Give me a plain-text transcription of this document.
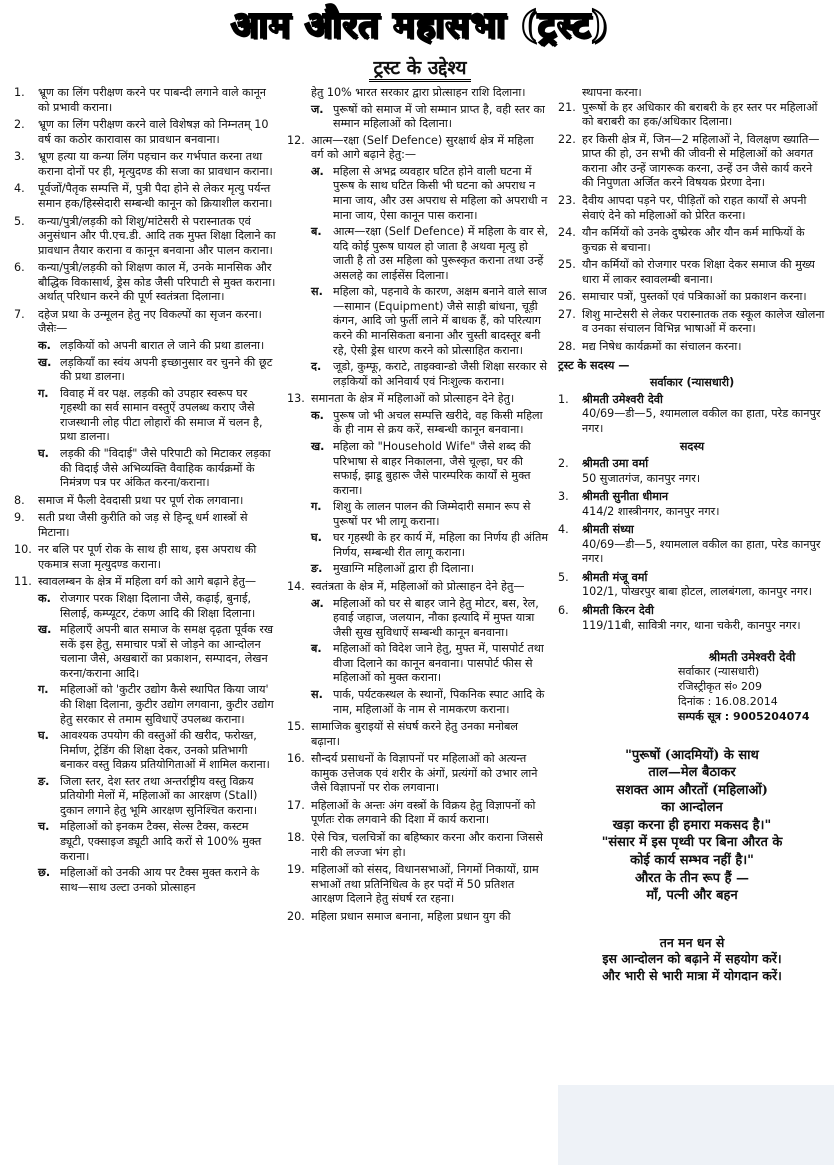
आम औरत महासभा (ट्रस्ट)
ट्रस्ट के उद्देश्य
1.	भ्रूण का लिंग परीक्षण करने पर पाबन्दी लगाने वाले कानून को प्रभावी कराना।
2.	भ्रूण का लिंग परीक्षण करने वाले विशेषज्ञ को निम्नतम् 10 वर्ष का कठोर कारावास का प्रावधान बनवाना।
3.	भ्रूण हत्या या कन्या लिंग पहचान कर गर्भपात करना तथा कराना दोनों पर ही, मृत्युदण्ड की सजा का प्रावधान कराना।
4.	पूर्वजों/पैतृक सम्पत्ति में, पुत्री पैदा होने से लेकर मृत्यु पर्यन्त समान हक/हिस्सेदारी सम्बन्धी कानून को क्रियाशील कराना।
5.	कन्या/पुत्री/लड़की को शिशु/मांटेसरी से परास्नातक एवं अनुसंधान और पी.एच.डी. आदि तक मुफ्त शिक्षा दिलाने का प्रावधान तैयार कराना व कानून बनवाना और पालन कराना।
6.	कन्या/पुत्री/लड़की को शिक्षण काल में, उनके मानसिक और बौद्धिक विकासार्थ, ड्रेस कोड जैसी परिपाटी से मुक्त कराना। अर्थात् परिधान करने की पूर्ण स्वतंत्रता दिलाना।
7.	दहेज प्रथा के उन्मूलन हेतु नए विकल्पों का सृजन करना। जैसेः—
क. लड़कियों को अपनी बारात ले जाने की प्रथा डालना।
ख. लड़कियाँ का स्वंय अपनी इच्छानुसार वर चुनने की छूट की प्रथा डालना।
ग. विवाह में वर पक्ष. लड़की को उपहार स्वरूप घर गृहस्थी का सर्व सामान वस्तुऐं उपलब्ध कराए जैसे राजस्थानी लोह पीटा लोहारों की समाज में चलन है, प्रथा डालना।
घ. लड़की की "विदाई" जैसे परिपाटी को मिटाकर लड़का की विदाई जैसे अभिव्यक्ति वैवाहिक कार्यक्रमों के निमंत्रण पत्र पर अंकित करना/कराना।
8.	समाज में फैली देवदासी प्रथा पर पूर्ण रोक लगवाना।
9.	सती प्रथा जैसी कुरीति को जड़ से हिन्दू धर्म शास्त्रों से मिटाना।
10. नर बलि पर पूर्ण रोक के साथ ही साथ, इस अपराध की एकमात्र सजा मृत्युदण्ड कराना।
11. स्वावलम्बन के क्षेत्र में महिला वर्ग को आगे बढ़ाने हेतु—
क. रोजगार परक शिक्षा दिलाना जैसे, कढ़ाई, बुनाई, सिलाई, कम्प्यूटर, टंकण आदि की शिक्षा दिलाना।
ख. महिलाएँ अपनी बात समाज के समक्ष दृढ़ता पूर्वक रख सकें इस हेतु, समाचार पत्रों से जोड़ने का आन्दोलन चलाना जैसे, अखबारों का प्रकाशन, सम्पादन, लेखन करना/कराना आदि।
ग. महिलाओं को 'कुटीर उद्योग कैसे स्थापित किया जाय' की शिक्षा दिलाना, कुटीर उद्योग लगवाना, कुटीर उद्योग हेतु सरकार से तमाम सुविधाऐं उपलब्ध कराना।
घ. आवश्यक उपयोग की वस्तुओं की खरीद, फरोख्त, निर्माण, ट्रेडिंग की शिक्षा देकर, उनको प्रतिभागी बनाकर वस्तु विक्रय प्रतियोगिताओं में शामिल कराना।
ङ. जिला स्तर, देश स्तर तथा अन्तर्राष्ट्रीय वस्तु विक्रय प्रतियोगी मेलों में, महिलाओं का आरक्षण (Stall) दुकान लगाने हेतु भूमि आरक्षण सुनिश्चित कराना।
च. महिलाओं को इनकम टैक्स, सेल्स टैक्स, कस्टम ड्यूटी, एक्साइज ड्यूटी आदि करों से 100% मुक्त कराना।
छ. महिलाओं को उनकी आय पर टैक्स मुक्त कराने के साथ—साथ उल्टा उनको प्रोत्साहन
हेतु 10% भारत सरकार द्वारा प्रोत्साहन राशि दिलाना।
ज. पुरूषों को समाज में जो सम्मान प्राप्त है, वही स्तर का सम्मान महिलाओं को दिलाना।
12. आत्म—रक्षा (Self Defence) सुरक्षार्थ क्षेत्र में महिला वर्ग को आगे बढ़ाने हेतु:—
अ. महिला से अभद्र व्यवहार घटित होने वाली घटना में पुरूष के साथ घटित किसी भी घटना को अपराध न माना जाय, और उस अपराध से महिला को अपराधी न माना जाय, ऐसा कानून पास कराना।
ब. आत्म—रक्षा (Self Defence) में महिला के वार से, यदि कोई पुरूष घायल हो जाता है अथवा मृत्यु हो जाती है तो उस महिला को पुरूस्कृत कराना तथा उन्हें असलहे का लाईसेंस दिलाना।
स. महिला को, पहनावे के कारण, अक्षम बनाने वाले साज—सामान (Equipment) जैसे साड़ी बांधना, चूड़ी कंगन, आदि जो फुर्ती लाने में बाधक हैं, को परित्याग करने की मानसिकता बनाना और चुस्ती बादस्तूर बनी रहे, ऐसी ड्रेस धारण करने को प्रोत्साहित कराना।
द. जूडो, कुम्फू, कराटे, ताइक्वान्डो जैसी शिक्षा सरकार से लड़कियों को अनिवार्य एवं निःशुल्क कराना।
13. समानता के क्षेत्र में महिलाओं को प्रोत्साहन देने हेतु।
क. पुरूष जो भी अचल सम्पत्ति खरीदे, वह किसी महिला के ही नाम से क्रय करें, सम्बन्धी कानून बनवाना।
ख. महिला को "Household Wife" जैसे शब्द की परिभाषा से बाहर निकालना, जैसे चूल्हा, घर की सफाई, झाडू बुहारू जैसे पारम्परिक कार्यों से मुक्त कराना।
ग. शिशु के लालन पालन की जिम्मेदारी समान रूप से पुरूषों पर भी लागू कराना।
घ. घर गृहस्थी के हर कार्य में, महिला का निर्णय ही अंतिम निर्णय, सम्बन्धी रीत लागू कराना।
ङ. मुखाग्नि महिलाओं द्वारा ही दिलाना।
14. स्वतंत्रता के क्षेत्र में, महिलाओं को प्रोत्साहन देने हेतु—
अ. महिलाओं को घर से बाहर जाने हेतु मोटर, बस, रेल, हवाई जहाज, जलयान, नौका इत्यादि में मुफ्त यात्रा जैसी सुख सुविधाऐं सम्बन्धी कानून बनवाना।
ब. महिलाओं को विदेश जाने हेतु, मुफ्त में, पासपोर्ट तथा वीजा दिलाने का कानून बनवाना। पासपोर्ट फीस से महिलाओं को मुक्त कराना।
स. पार्क, पर्यटकस्थल के स्थानों, पिकनिक स्पाट आदि के नाम, महिलाओं के नाम से नामकरण कराना।
15. सामाजिक बुराइयों से संघर्ष करने हेतु उनका मनोबल बढ़ाना।
16. सौन्दर्य प्रसाधनों के विज्ञापनों पर महिलाओं को अत्यन्त कामुक उत्तेजक एवं शरीर के अंगों, प्रत्यंगों को उभार लाने जैसे विज्ञापनों पर रोक लगवाना।
17. महिलाओं के अन्तः अंग वस्त्रों के विक्रय हेतु विज्ञापनों को पूर्णतः रोक लगवाने की दिशा में कार्य कराना।
18. ऐसे चित्र, चलचित्रों का बहिष्कार करना और कराना जिससे नारी की लज्जा भंग हो।
19. महिलाओं को संसद, विधानसभाओं, निगमों निकायों, ग्राम सभाओं तथा प्रतिनिधित्व के हर पदों में 50 प्रतिशत आरक्षण दिलाने हेतु संघर्ष रत रहना।
20. महिला प्रधान समाज बनाना, महिला प्रधान युग की
स्थापना करना।
21. पुरूषों के हर अधिकार की बराबरी के हर स्तर पर महिलाओं को बराबरी का हक/अधिकार दिलाना।
22. हर किसी क्षेत्र में, जिन—2 महिलाओं ने, विलक्षण ख्याति—प्राप्त की हो, उन सभी की जीवनी से महिलाओं को अवगत कराना और उन्हें जागरूक करना, उन्हें उन जैसे कार्य करने की निपुणता अर्जित करने विषयक प्रेरणा देना।
23. दैवीय आपदा पड़ने पर, पीड़ितों को राहत कार्यों से अपनी सेवाएं देने को महिलाओं को प्रेरित करना।
24. यौन कर्मियों को उनके दुष्प्रेरक और यौन कर्म माफियों के कुचक्र से बचाना।
25. यौन कर्मियों को रोजगार परक शिक्षा देकर समाज की मुख्य धारा में लाकर स्वावलम्बी बनाना।
26. समाचार पत्रों, पुस्तकों एवं पत्रिकाओं का प्रकाशन करना।
27. शिशु मान्टेसरी से लेकर परास्नातक तक स्कूल कालेज खोलना व उनका संचालन विभिन्न भाषाओं में करना।
28. मद्य निषेध कार्यक्रमों का संचालन करना।
ट्रस्ट के सदस्य —
सर्वाकार (न्यासधारी)
1. श्रीमती उमेश्वरी देवी
40/69—डी—5, श्यामलाल वकील का हाता, परेड कानपुर नगर।
सदस्य
2. श्रीमती उमा वर्मा
50 सुजातगंज, कानपुर नगर।
3. श्रीमती सुनीता धीमान
414/2 शास्त्रीनगर, कानपुर नगर।
4. श्रीमती संध्या
40/69—डी—5, श्यामलाल वकील का हाता, परेड कानपुर नगर।
5. श्रीमती मंजू वर्मा
102/1, पोखरपुर बाबा होटल, लालबंगला, कानपुर नगर।
6. श्रीमती किरन देवी
119/11बी, सावित्री नगर, थाना चकेरी, कानपुर नगर।
श्रीमती उमेश्वरी देवी
सर्वाकार (न्यासधारी)
रजिस्ट्रीकृत सं० 209
दिनांक : 16.08.2014
सम्पर्क सूत्र : 9005204074
"पुरूषों (आदमियों) के साथ
ताल—मेल बैठाकर
सशक्त आम औरतों (महिलाओं)
का आन्दोलन
खड़ा करना ही हमारा मकसद है।"
"संसार में इस पृथ्वी पर बिना औरत के
कोई कार्य सम्भव नहीं है।"
औरत के तीन रूप हैं —
माँ, पत्नी और बहन
तन मन धन से
इस आन्दोलन को बढ़ाने में सहयोग करें।
और भारी से भारी मात्रा में योगदान करें।
